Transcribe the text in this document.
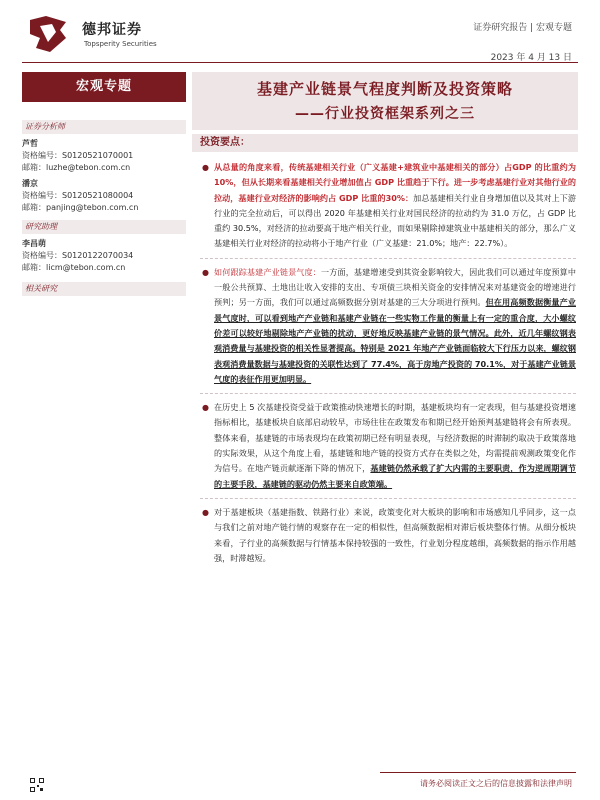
德邦证券
Topsperity Securities
证券研究报告 | 宏观专题
2023 年 4 月 13 日
宏观专题
证券分析师
芦哲
资格编号：S0120521070001
邮箱：luzhe@tebon.com.cn
潘京
资格编号：S0120521080004
邮箱：panjing@tebon.com.cn
研究助理
李昌萌
资格编号：S0120122070034
邮箱：licm@tebon.com.cn
相关研究
基建产业链景气程度判断及投资策略
——行业投资框架系列之三
投资要点：
● 从总量的角度来看，传统基建相关行业（广义基建+建筑业中基建相关的部分）占GDP 的比重约为 10%，但从长期来看基建相关行业增加值占 GDP 比重趋于下行。进一步考虑基建行业对其他行业的拉动，基建行业对经济的影响约占 GDP 比重的30%：加总基建相关行业自身增加值以及其对上下游行业的完全拉动后，可以得出 2020 年基建相关行业对国民经济的拉动约为 31.0 万亿，占 GDP 比重约 30.5%，对经济的拉动要高于地产相关行业，而如果剔除掉建筑业中基建相关的部分，那么广义基建相关行业对经济的拉动将小于地产行业（广义基建：21.0%；地产：22.7%）。
● 如何跟踪基建产业链景气度：一方面，基建增速受到其资金影响较大，因此我们可以通过年度预算中一般公共预算、土地出让收入安排的支出、专项债三块相关资金的安排情况来对基建资金的增速进行预判；另一方面，我们可以通过高频数据分别对基建的三大分项进行预判。但在用高频数据衡量产业景气度时，可以看到地产产业链和基建产业链在一些实物工作量的衡量上有一定的重合度，大小螺纹价差可以较好地剔除地产产业链的扰动，更好地反映基建产业链的景气情况。此外，近几年螺纹钢表观消费量与基建投资的相关性显著提高。特别是 2021 年地产产业链面临较大下行压力以来，螺纹钢表观消费量数据与基建投资的关联性达到了 77.4%，高于房地产投资的 70.1%，对于基建产业链景气度的表征作用更加明显。
● 在历史上 5 次基建投资受益于政策推动快速增长的时期，基建板块均有一定表现，但与基建投资增速指标相比，基建板块自底部启动较早，市场往往在政策发布和期已经开始预判基建链将会有所表现。整体来看，基建链的市场表现均在政策初期已经有明显表现，与经济数据的时滞制约取决于政策落地的实际效果，从这个角度上看，基建链和地产链的投资方式存在类似之处，均需提前观测政策变化作为信号。在地产链贡献逐渐下降的情况下，基建链仍然承载了扩大内需的主要职责，作为逆周期调节的主要手段，基建链的驱动仍然主要来自政策端。
● 对于基建板块（基建指数、铁路行业）来说，政策变化对大板块的影响和市场感知几乎同步，这一点与我们之前对地产链行情的观察存在一定的相似性，但高频数据相对滞后板块整体行情。从细分板块来看，子行业的高频数据与行情基本保持较强的一致性，行业划分程度越细，高频数据的指示作用越强，时滞越短。
请务必阅读正文之后的信息披露和法律声明
